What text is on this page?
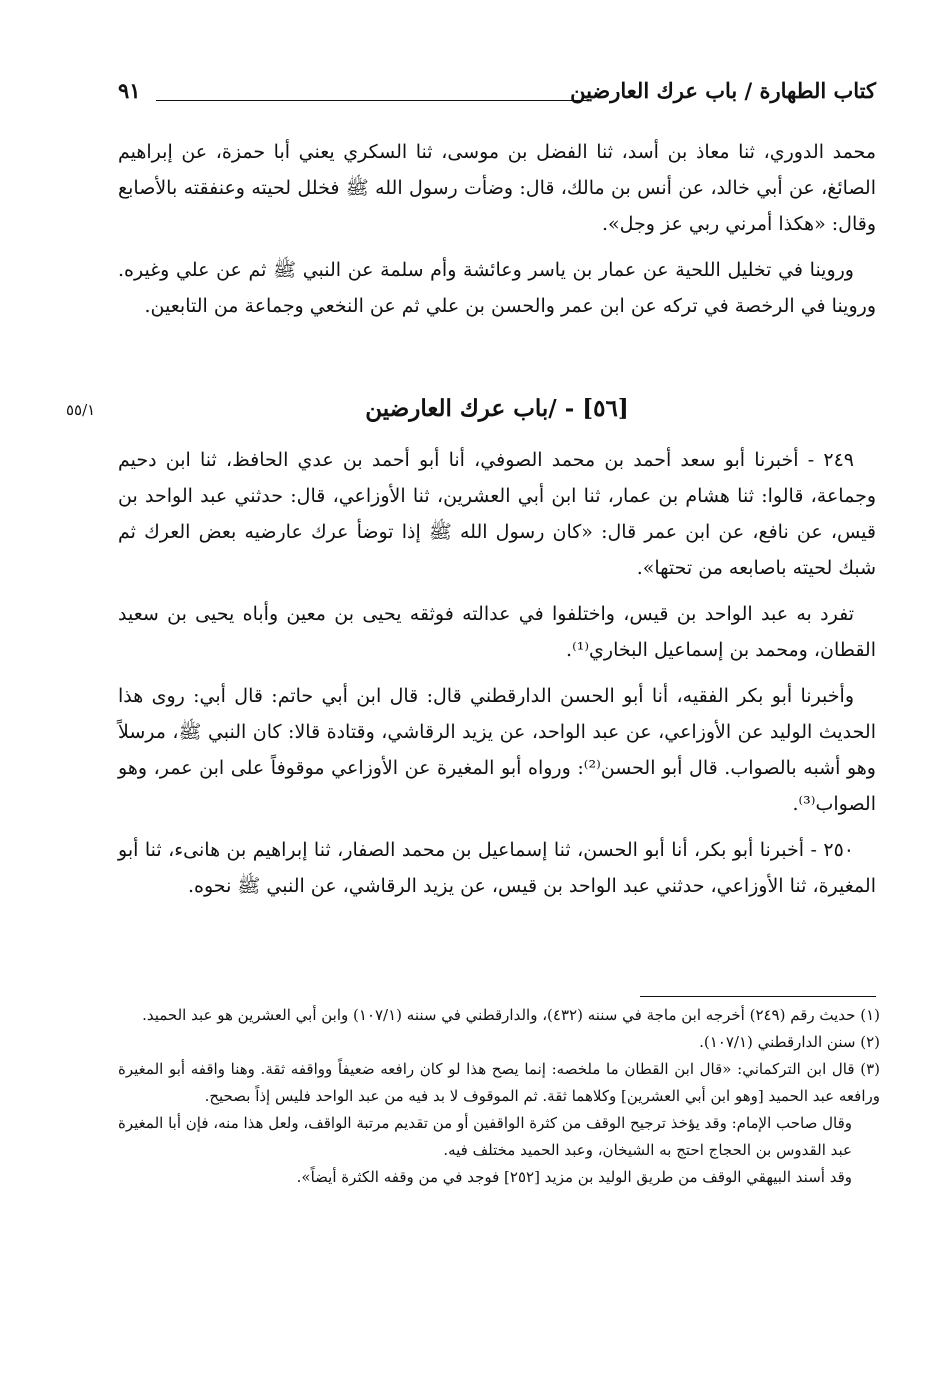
كتاب الطهارة / باب عرك العارضين
٩١

محمد الدوري، ثنا معاذ بن أسد، ثنا الفضل بن موسى، ثنا السكري يعني أبا حمزة، عن إبراهيم الصائغ، عن أبي خالد، عن أنس بن مالك، قال: وضأت رسول الله ﷺ فخلل لحيته وعنفقته بالأصابع وقال: «هكذا أمرني ربي عز وجل».

وروينا في تخليل اللحية عن عمار بن ياسر وعائشة وأم سلمة عن النبي ﷺ ثم عن علي وغيره. وروينا في الرخصة في تركه عن ابن عمر والحسن بن علي ثم عن النخعي وجماعة من التابعين.

[٥٦] - /باب عرك العارضين
٥٥/١

٢٤٩ - أخبرنا أبو سعد أحمد بن محمد الصوفي، أنا أبو أحمد بن عدي الحافظ، ثنا ابن دحيم وجماعة، قالوا: ثنا هشام بن عمار، ثنا ابن أبي العشرين، ثنا الأوزاعي، قال: حدثني عبد الواحد بن قيس، عن نافع، عن ابن عمر قال: «كان رسول الله ﷺ إذا توضأ عرك عارضيه بعض العرك ثم شبك لحيته باصابعه من تحتها».

تفرد به عبد الواحد بن قيس، واختلفوا في عدالته فوثقه يحيى بن معين وأباه يحيى بن سعيد القطان، ومحمد بن إسماعيل البخاري⁽¹⁾.

وأخبرنا أبو بكر الفقيه، أنا أبو الحسن الدارقطني قال: قال ابن أبي حاتم: قال أبي: روى هذا الحديث الوليد عن الأوزاعي، عن عبد الواحد، عن يزيد الرقاشي، وقتادة قالا: كان النبي ﷺ، مرسلاً وهو أشبه بالصواب. قال أبو الحسن⁽²⁾: ورواه أبو المغيرة عن الأوزاعي موقوفاً على ابن عمر، وهو الصواب⁽³⁾.

٢٥٠ - أخبرنا أبو بكر، أنا أبو الحسن، ثنا إسماعيل بن محمد الصفار، ثنا إبراهيم بن هانىء، ثنا أبو المغيرة، ثنا الأوزاعي، حدثني عبد الواحد بن قيس، عن يزيد الرقاشي، عن النبي ﷺ نحوه.

(١) حديث رقم (٢٤٩) أخرجه ابن ماجة في سننه (٤٣٢)، والدارقطني في سننه (١٠٧/١) وابن أبي العشرين هو عبد الحميد.

(٢) سنن الدارقطني (١٠٧/١).

(٣) قال ابن التركماني: «قال ابن القطان ما ملخصه: إنما يصح هذا لو كان رافعه ضعيفاً وواقفه ثقة. وهنا واقفه أبو المغيرة ورافعه عبد الحميد [وهو ابن أبي العشرين] وكلاهما ثقة. ثم الموقوف لا بد فيه من عبد الواحد فليس إذاً بصحيح.

وقال صاحب الإمام: وقد يؤخذ ترجيح الوقف من كثرة الواقفين أو من تقديم مرتبة الواقف، ولعل هذا منه، فإن أبا المغيرة عبد القدوس بن الحجاج احتج به الشيخان، وعبد الحميد مختلف فيه.

وقد أسند البيهقي الوقف من طريق الوليد بن مزيد [٢٥٢] فوجد في من وقفه الكثرة أيضاً».
